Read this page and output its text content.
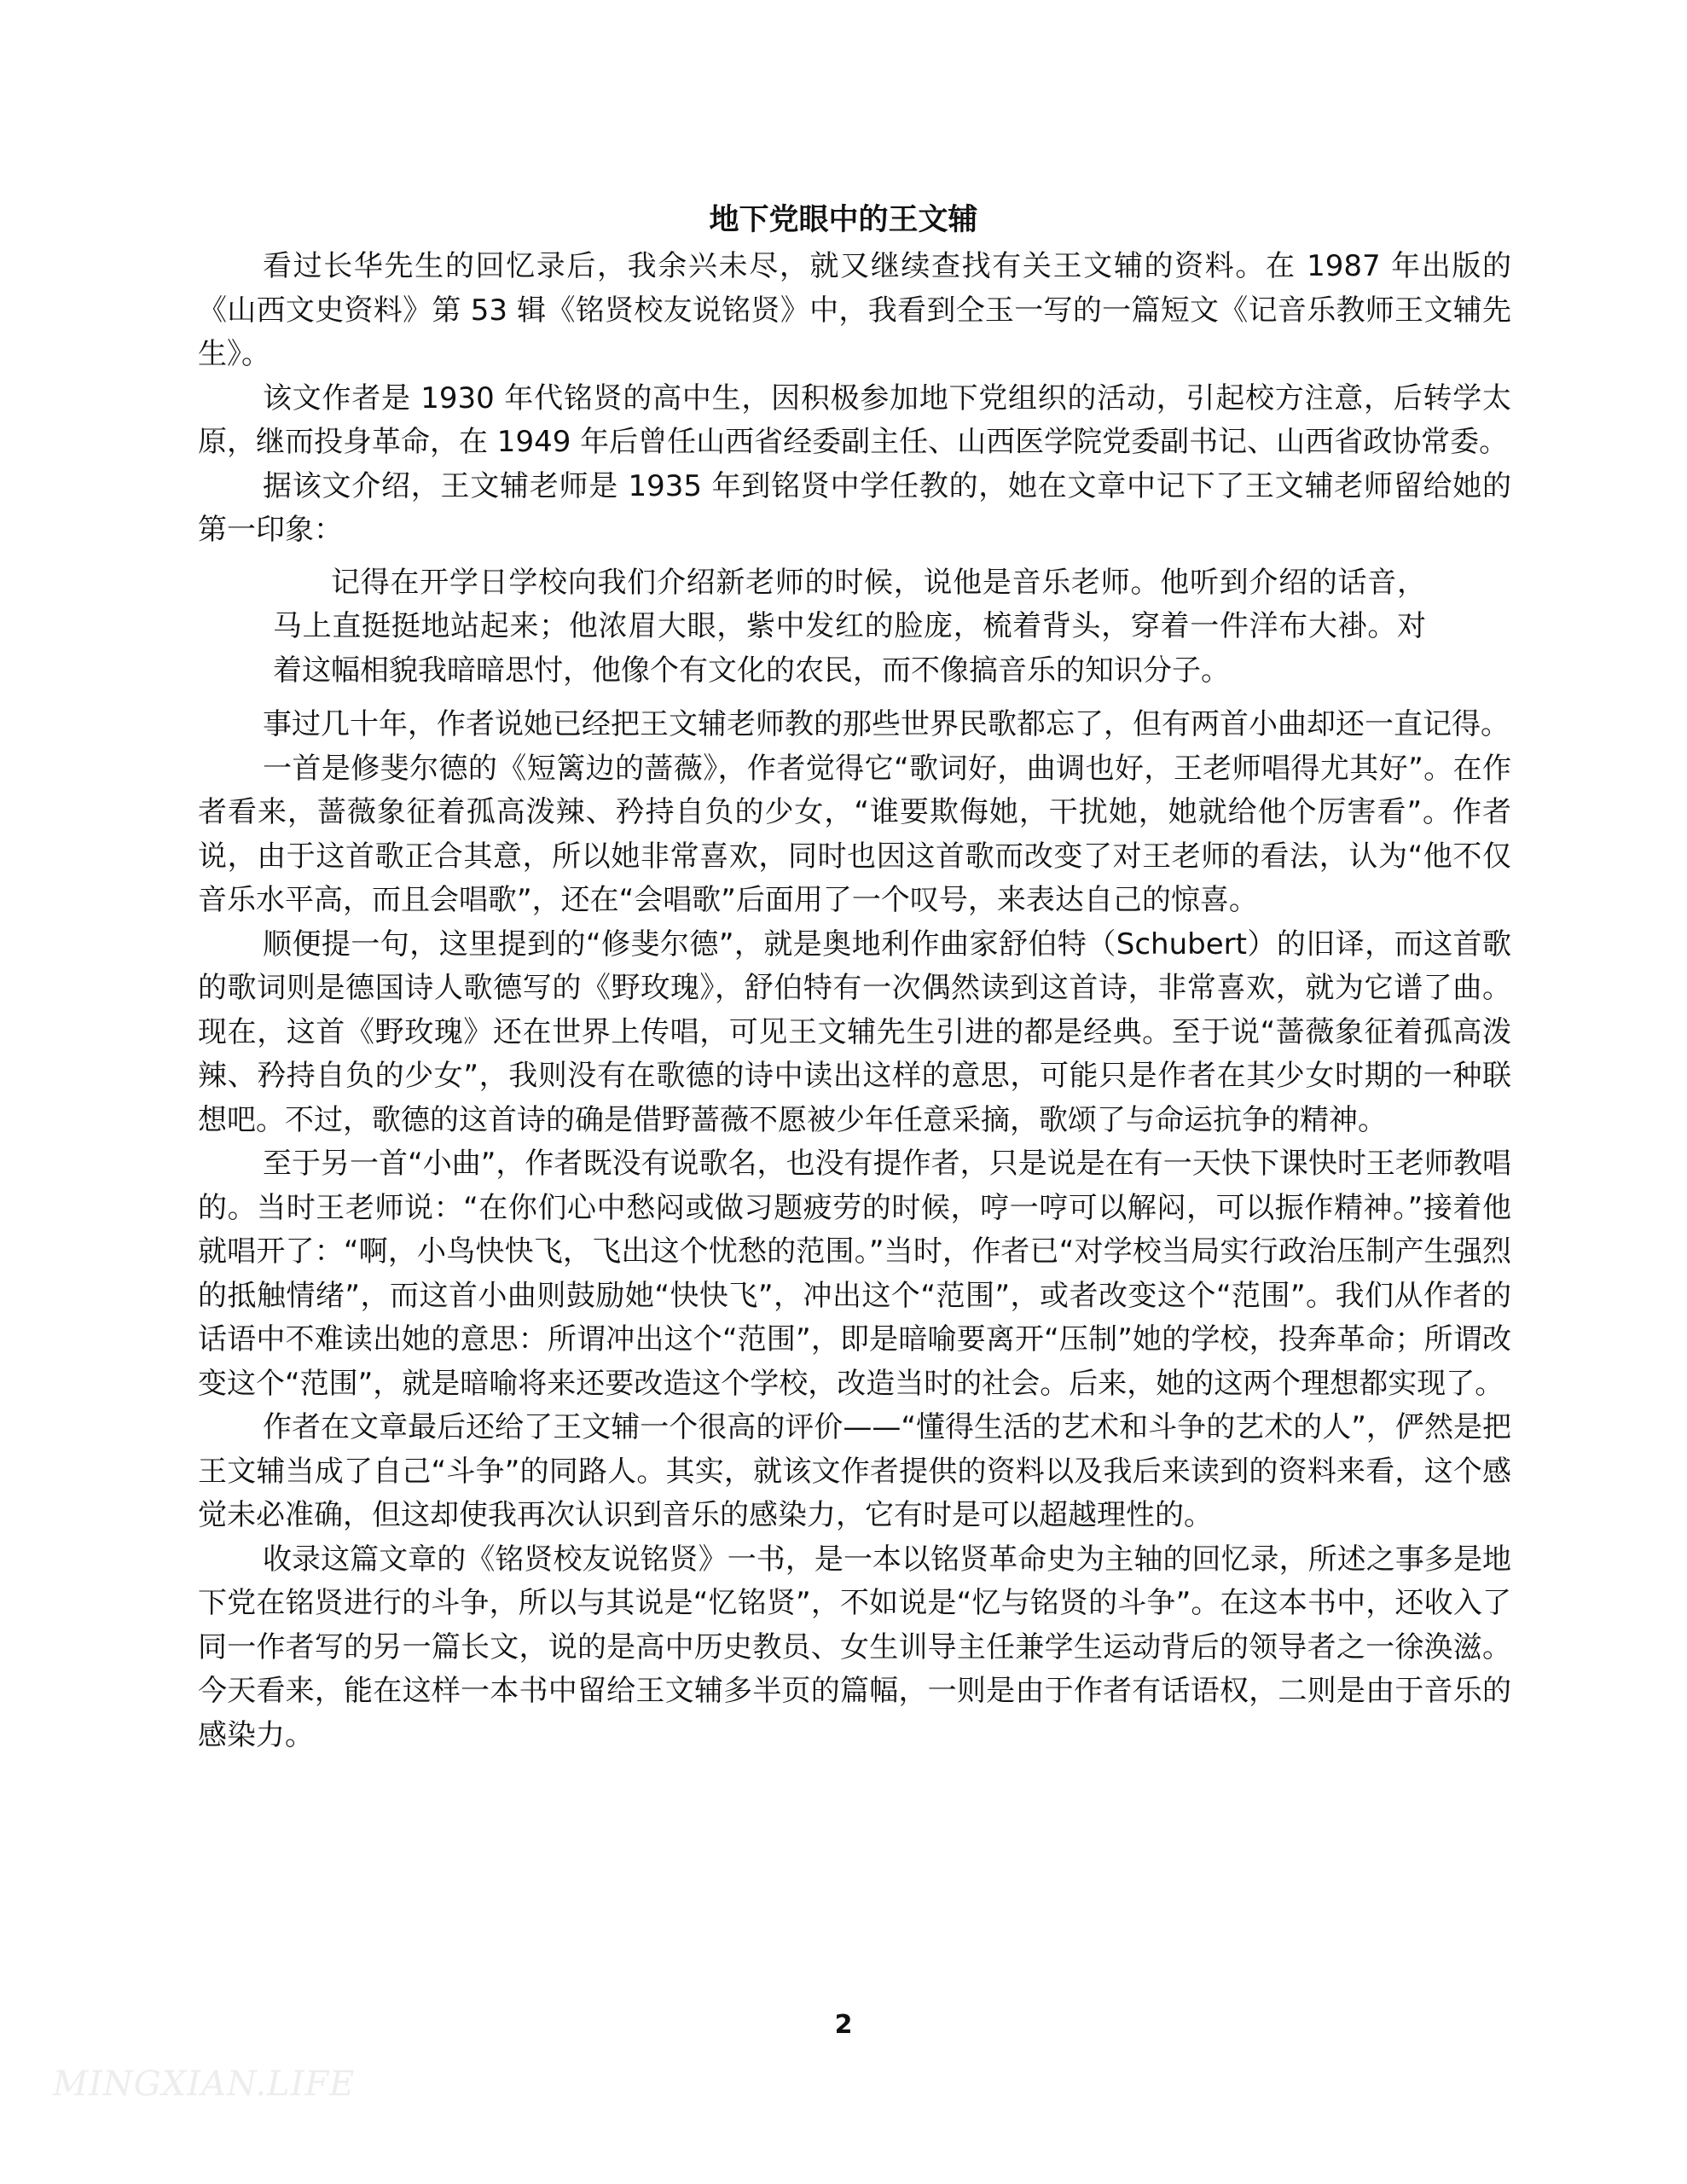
地下党眼中的王文辅

看过长华先生的回忆录后，我余兴未尽，就又继续查找有关王文辅的资料。在 1987 年出版的《山西文史资料》第 53 辑《铭贤校友说铭贤》中，我看到仝玉一写的一篇短文《记音乐教师王文辅先生》。

该文作者是 1930 年代铭贤的高中生，因积极参加地下党组织的活动，引起校方注意，后转学太原，继而投身革命，在 1949 年后曾任山西省经委副主任、山西医学院党委副书记、山西省政协常委。

据该文介绍，王文辅老师是 1935 年到铭贤中学任教的，她在文章中记下了王文辅老师留给她的第一印象：

记得在开学日学校向我们介绍新老师的时候，说他是音乐老师。他听到介绍的话音，马上直挺挺地站起来；他浓眉大眼，紫中发红的脸庞，梳着背头，穿着一件洋布大褂。对着这幅相貌我暗暗思忖，他像个有文化的农民，而不像搞音乐的知识分子。

事过几十年，作者说她已经把王文辅老师教的那些世界民歌都忘了，但有两首小曲却还一直记得。

一首是修斐尔德的《短篱边的蔷薇》，作者觉得它“歌词好，曲调也好，王老师唱得尤其好”。在作者看来，蔷薇象征着孤高泼辣、矜持自负的少女，“谁要欺侮她，干扰她，她就给他个厉害看”。作者说，由于这首歌正合其意，所以她非常喜欢，同时也因这首歌而改变了对王老师的看法，认为“他不仅音乐水平高，而且会唱歌”，还在“会唱歌”后面用了一个叹号，来表达自己的惊喜。

顺便提一句，这里提到的“修斐尔德”，就是奥地利作曲家舒伯特（Schubert）的旧译，而这首歌的歌词则是德国诗人歌德写的《野玫瑰》，舒伯特有一次偶然读到这首诗，非常喜欢，就为它谱了曲。现在，这首《野玫瑰》还在世界上传唱，可见王文辅先生引进的都是经典。至于说“蔷薇象征着孤高泼辣、矜持自负的少女”，我则没有在歌德的诗中读出这样的意思，可能只是作者在其少女时期的一种联想吧。不过，歌德的这首诗的确是借野蔷薇不愿被少年任意采摘，歌颂了与命运抗争的精神。

至于另一首“小曲”，作者既没有说歌名，也没有提作者，只是说是在有一天快下课快时王老师教唱的。当时王老师说：“在你们心中愁闷或做习题疲劳的时候，哼一哼可以解闷，可以振作精神。”接着他就唱开了：“啊，小鸟快快飞，飞出这个忧愁的范围。”当时，作者已“对学校当局实行政治压制产生强烈的抵触情绪”，而这首小曲则鼓励她“快快飞”，冲出这个“范围”，或者改变这个“范围”。我们从作者的话语中不难读出她的意思：所谓冲出这个“范围”，即是暗喻要离开“压制”她的学校，投奔革命；所谓改变这个“范围”，就是暗喻将来还要改造这个学校，改造当时的社会。后来，她的这两个理想都实现了。

作者在文章最后还给了王文辅一个很高的评价——“懂得生活的艺术和斗争的艺术的人”，俨然是把王文辅当成了自己“斗争”的同路人。其实，就该文作者提供的资料以及我后来读到的资料来看，这个感觉未必准确，但这却使我再次认识到音乐的感染力，它有时是可以超越理性的。

收录这篇文章的《铭贤校友说铭贤》一书，是一本以铭贤革命史为主轴的回忆录，所述之事多是地下党在铭贤进行的斗争，所以与其说是“忆铭贤”，不如说是“忆与铭贤的斗争”。在这本书中，还收入了同一作者写的另一篇长文，说的是高中历史教员、女生训导主任兼学生运动背后的领导者之一徐涣滋。今天看来，能在这样一本书中留给王文辅多半页的篇幅，一则是由于作者有话语权，二则是由于音乐的感染力。

2
MINGXIAN.LIFE
